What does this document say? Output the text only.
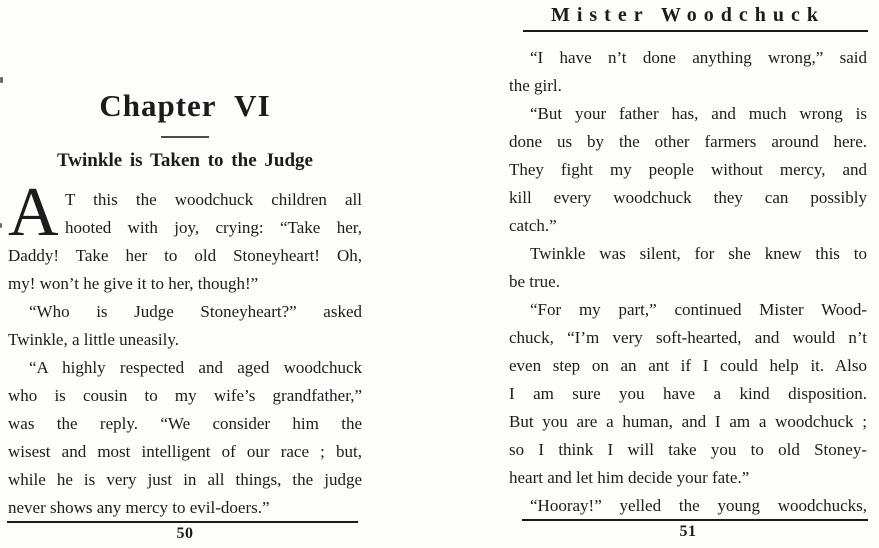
Chapter VI
Twinkle is Taken to the Judge
A T this the woodchuck children all
hooted with joy, crying: “Take her,
Daddy! Take her to old Stoneyheart! Oh,
my! won’t he give it to her, though!”
“Who is Judge Stoneyheart?” asked
Twinkle, a little uneasily.
“A highly respected and aged woodchuck
who is cousin to my wife’s grandfather,”
was the reply. “We consider him the
wisest and most intelligent of our race ; but,
while he is very just in all things, the judge
never shows any mercy to evil-doers.”
50
Mister Woodchuck
“I have n’t done anything wrong,” said
the girl.
“But your father has, and much wrong is
done us by the other farmers around here.
They fight my people without mercy, and
kill every woodchuck they can possibly
catch.”
Twinkle was silent, for she knew this to
be true.
“For my part,” continued Mister Wood-
chuck, “I’m very soft-hearted, and would n’t
even step on an ant if I could help it. Also
I am sure you have a kind disposition.
But you are a human, and I am a woodchuck ;
so I think I will take you to old Stoney-
heart and let him decide your fate.”
“Hooray!” yelled the young woodchucks,
51
